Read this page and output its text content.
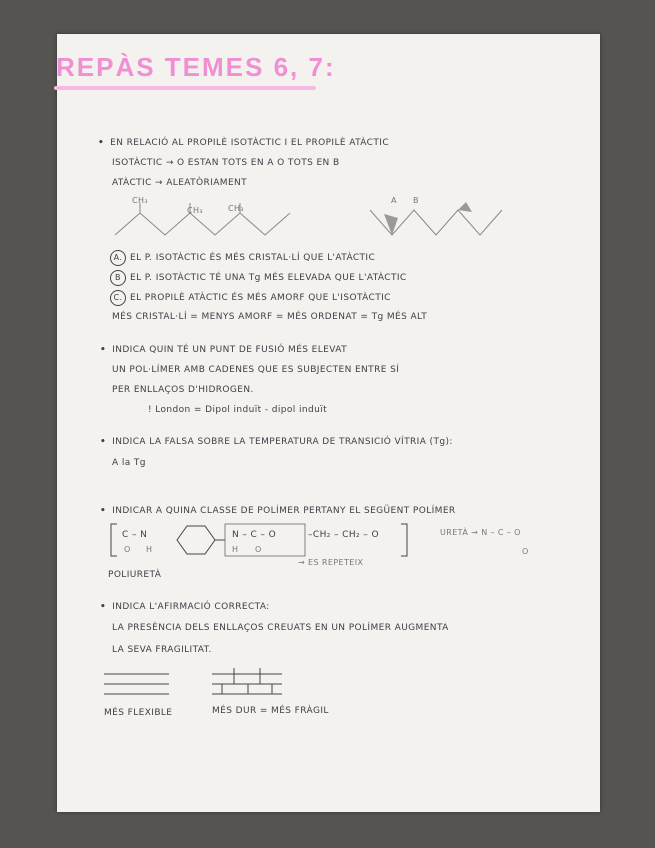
REPÀS TEMES 6, 7:
• EN RELACIÓ AL PROPILÈ ISOTÀCTIC I EL PROPILÈ ATÀCTIC
ISOTÀCTIC → O ESTAN TOTS EN A O TOTS EN B
ATÀCTIC → ALEATÒRIAMENT
CH₃
CH₃	CH₃
A B
A. EL P. ISOTÀCTIC ÉS MÉS CRISTAL·LÍ QUE L'ATÀCTIC
B EL P. ISOTÀCTIC TÉ UNA Tg MÉS ELEVADA QUE L'ATÀCTIC
C. EL PROPILÈ ATÀCTIC ÉS MÉS AMORF QUE L'ISOTÀCTIC
MÉS CRISTAL·LÍ = MENYS AMORF = MÉS ORDENAT = Tg MÉS ALT
• INDICA QUIN TÉ UN PUNT DE FUSIÓ MÉS ELEVAT
UN POL·LÍMER AMB CADENES QUE ES SUBJECTEN ENTRE SÍ
PER ENLLAÇOS D'HIDROGEN.
! London = Dipol induït - dipol induït
• INDICA LA FALSA SOBRE LA TEMPERATURA DE TRANSICIÓ VÍTRIA (Tg):
A la Tg
• INDICAR A QUINA CLASSE DE POLÍMER PERTANY EL SEGÜENT POLÍMER
C – N
O H
N – C – O
H O
–CH₂ – CH₂ – O
→ ES REPETEIX
URETÀ → N – C – O
O
POLIURETÀ
• INDICA L'AFIRMACIÓ CORRECTA:
LA PRESÈNCIA DELS ENLLAÇOS CREUATS EN UN POLÍMER AUGMENTA
LA SEVA FRAGILITAT.
MÉS FLEXIBLE	MÉS DUR = MÉS FRÀGIL
